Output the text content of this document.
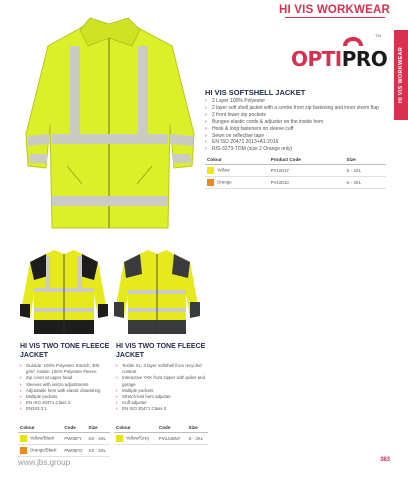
HI VIS WORKWEAR
HI VIS WORKWEAR
OPTIPRO
TM
HI VIS SOFTSHELL JACKET
› 2 Layer 100% Polyester
› 2 layer soft shell jacket with a centre front zip fastening and inner storm flap
› 2 front lower zip pockets
› Bungee elastic cords & adjuster on the inside hem
› Hook & loop fasteners on sleeve cuff
› Sewn on reflective tape
› EN ISO 20471:2013+A1:2016
› RIS-3279-TOM (size 2 Orange only)
Colour	Product Code	Size
Yellow	PV1001Y	S - 4XL
Orange	PV1001C	S - 4XL
HI VIS TWO TONE FLEECE JACKET
› Outside: 100% Polyester Stretch, 300 g/m², Inside: 100% Polyester Fleece
› Zip cover at upper head
› Sleeves with velcro adjustments
› Adjustable hem with elastic drawstring
› Multiple pockets
› EN ISO 20471 Class 3
› EN343 3:1
Colour	Code	Size
Yellow/Black	PW05FY	XS - 3XL
Orange/Black	PW05FO	XS - 3XL
HI VIS TWO TONE FLEECE JACKET
› Textile XL, 3 layer softshell from recycled content
› Interactive YKK front zipper with puller and garage
› Multiple pockets
› Stretch-knit hem adjuster
› Cuff adjuster
› EN ISO 20471 Class 3
Colour	Code	Size
Yellow/Grey	PV1446NY	S - 3XL
www.jbs.group	383
